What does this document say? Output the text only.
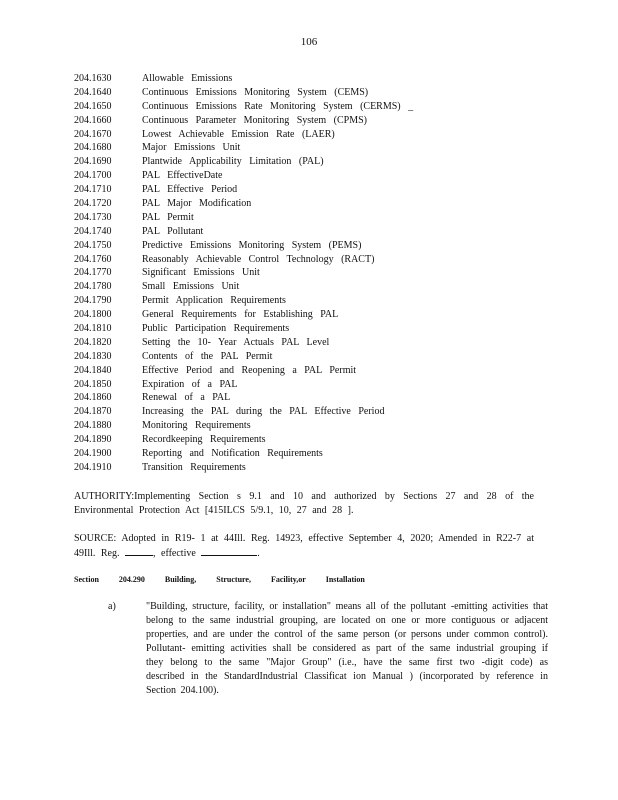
106
204.1630	Allowable Emissions
204.1640	Continuous Emissions Monitoring System (CEMS)
204.1650	Continuous Emissions Rate Monitoring System (CERMS) _
204.1660	Continuous Parameter Monitoring System (CPMS)
204.1670	Lowest Achievable Emission Rate (LAER)
204.1680	Major Emissions Unit
204.1690	Plantwide Applicability Limitation (PAL)
204.1700	PAL EffectiveDate
204.1710	PAL Effective Period
204.1720	PAL Major Modification
204.1730	PAL Permit
204.1740	PAL Pollutant
204.1750	Predictive Emissions Monitoring System (PEMS)
204.1760	Reasonably Achievable Control Technology (RACT)
204.1770	Significant Emissions Unit
204.1780	Small Emissions Unit
204.1790	Permit Application Requirements
204.1800	General Requirements for Establishing PAL
204.1810	Public Participation Requirements
204.1820	Setting the 10- Year Actuals PAL Level
204.1830	Contents of the PAL Permit
204.1840	Effective Period and Reopening a PAL Permit
204.1850	Expiration of a PAL
204.1860	Renewal of a PAL
204.1870	Increasing the PAL during the PAL Effective Period
204.1880	Monitoring Requirements
204.1890	Recordkeeping Requirements
204.1900	Reporting and Notification Requirements
204.1910	Transition Requirements
AUTHORITY:Implementing Section s 9.1 and 10 and authorized by Sections 27 and 28 of the Environmental Protection Act [415ILCS 5/9.1, 10, 27 and 28 ].
SOURCE: Adopted in R19- 1 at 44Ill. Reg. 14923, effective September 4, 2020; Amended in R22-7 at 49Ill. Reg.	, effective	.
Section 204.290 Building, Structure, Facility,or Installation
a)	"Building, structure, facility, or installation" means all of the pollutant -emitting activities that belong to the same industrial grouping, are located on one or more contiguous or adjacent properties, and are under the control of the same person (or persons under common control). Pollutant- emitting activities shall be considered as part of the same industrial grouping if they belong to the same "Major Group" (i.e., have the same first two -digit code) as described in the StandardIndustrial Classificat ion Manual ) (incorporated by reference in Section 204.100).
